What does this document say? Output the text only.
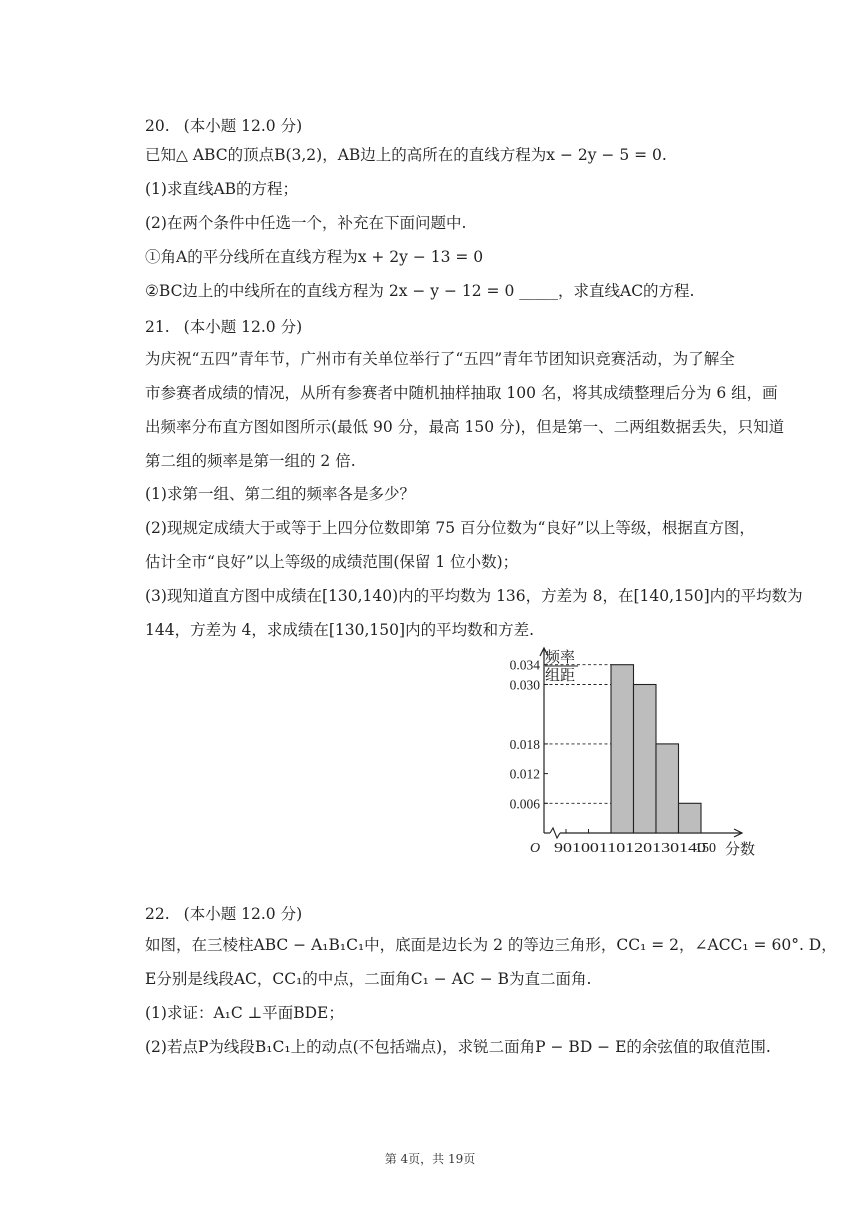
20. (本小题 12.0 分)
已知△ ABC的顶点B(3,2)，AB边上的高所在的直线方程为x − 2y − 5 = 0.
(1)求直线AB的方程；
(2)在两个条件中任选一个，补充在下面问题中.
①角A的平分线所在直线方程为x + 2y − 13 = 0
②BC边上的中线所在的直线方程为 2x − y − 12 = 0 _____，求直线AC的方程.
21. (本小题 12.0 分)
为庆祝“五四”青年节，广州市有关单位举行了“五四”青年节团知识竞赛活动，为了解全
市参赛者成绩的情况，从所有参赛者中随机抽样抽取 100 名，将其成绩整理后分为 6 组，画
出频率分布直方图如图所示(最低 90 分，最高 150 分)，但是第一、二两组数据丢失，只知道
第二组的频率是第一组的 2 倍.
(1)求第一组、第二组的频率各是多少？
(2)现规定成绩大于或等于上四分位数即第 75 百分位数为“良好”以上等级，根据直方图，
估计全市“良好”以上等级的成绩范围(保留 1 位小数)；
(3)现知道直方图中成绩在[130,140)内的平均数为 136，方差为 8，在[140,150]内的平均数为
144，方差为 4，求成绩在[130,150]内的平均数和方差.
0.006
0.012
0.018
0.030
0.034
90100110120130140
150
O	分数
频率
组距
22. (本小题 12.0 分)
如图，在三棱柱ABC − A₁B₁C₁中，底面是边长为 2 的等边三角形，CC₁ = 2，∠ACC₁ = 60°. D，
E分别是线段AC，CC₁的中点，二面角C₁ − AC − B为直二面角.
(1)求证：A₁C ⊥平面BDE；
(2)若点P为线段B₁C₁上的动点(不包括端点)，求锐二面角P − BD − E的余弦值的取值范围.
第 4页，共 19页
